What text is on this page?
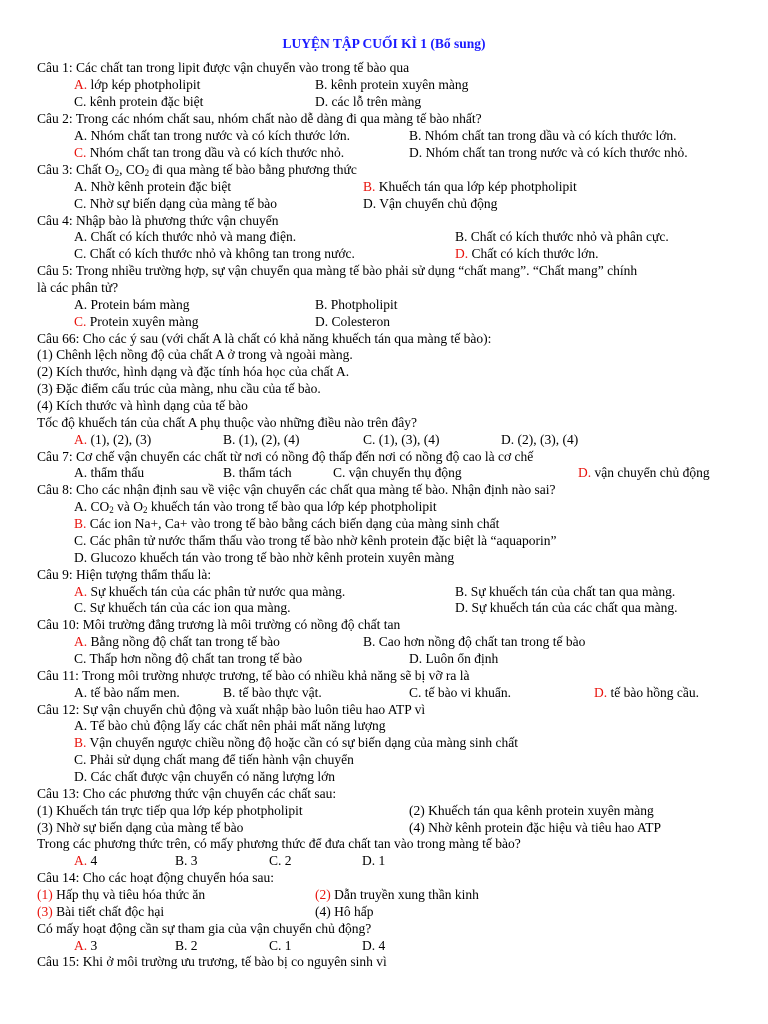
LUYỆN TẬP CUỐI KÌ 1 (Bổ sung)
Câu 1: Các chất tan trong lipit được vận chuyển vào trong tế bào qua
A. lớp kép photpholipit	B. kênh protein xuyên màng
C. kênh protein đặc biệt	D. các lỗ trên màng
Câu 2: Trong các nhóm chất sau, nhóm chất nào dễ dàng đi qua màng tế bào nhất?
A. Nhóm chất tan trong nước và có kích thước lớn.	B. Nhóm chất tan trong dầu và có kích thước lớn.
C. Nhóm chất tan trong dầu và có kích thước nhỏ.	D. Nhóm chất tan trong nước và có kích thước nhỏ.
Câu 3: Chất $O_2$, $CO_2$ đi qua màng tế bào bằng phương thức
A. Nhờ kênh protein đặc biệt	B. Khuếch tán qua lớp kép photpholipit
C. Nhờ sự biến dạng của màng tế bào	D. Vận chuyển chủ động
Câu 4: Nhập bào là phương thức vận chuyển
A. Chất có kích thước nhỏ và mang điện.	B. Chất có kích thước nhỏ và phân cực.
C. Chất có kích thước nhỏ và không tan trong nước.	D. Chất có kích thước lớn.
Câu 5: Trong nhiều trường hợp, sự vận chuyển qua màng tế bào phải sử dụng “chất mang”. “Chất mang” chính
là các phân tử?
A. Protein bám màng	B. Photpholipit
C. Protein xuyên màng	D. Colesteron
Câu 66: Cho các ý sau (với chất A là chất có khả năng khuếch tán qua màng tế bào):
(1) Chênh lệch nồng độ của chất A ở trong và ngoài màng.
(2) Kích thước, hình dạng và đặc tính hóa học của chất A.
(3) Đặc điểm cấu trúc của màng, nhu cầu của tế bào.
(4) Kích thước và hình dạng của tế bào
Tốc độ khuếch tán của chất A phụ thuộc vào những điều nào trên đây?
A. (1), (2), (3)	B. (1), (2), (4)	C. (1), (3), (4)	D. (2), (3), (4)
Câu 7: Cơ chế vận chuyển các chất từ nơi có nồng độ thấp đến nơi có nồng độ cao là cơ chế
A. thẩm thấu	B. thẩm tách	C. vận chuyển thụ động	D. vận chuyển chủ động
Câu 8: Cho các nhận định sau về việc vận chuyển các chất qua màng tế bào. Nhận định nào sai?
A. $CO_2$ và $O_2$ khuếch tán vào trong tế bào qua lớp kép photpholipit
B. Các ion Na+, Ca+ vào trong tế bào bằng cách biến dạng của màng sinh chất
C. Các phân tử nước thẩm thấu vào trong tế bào nhờ kênh protein đặc biệt là “aquaporin”
D. Glucozo khuếch tán vào trong tế bào nhờ kênh protein xuyên màng
Câu 9: Hiện tượng thẩm thấu là:
A. Sự khuếch tán của các phân tử nước qua màng.	B. Sự khuếch tán của chất tan qua màng.
C. Sự khuếch tán của các ion qua màng.	D. Sự khuếch tán của các chất qua màng.
Câu 10: Môi trường đẳng trương là môi trường có nồng độ chất tan
A. Bằng nồng độ chất tan trong tế bào	B. Cao hơn nồng độ chất tan trong tế bào
C. Thấp hơn nồng độ chất tan trong tế bào	D. Luôn ổn định
Câu 11: Trong môi trường nhược trương, tế bào có nhiều khả năng sẽ bị vỡ ra là
A. tế bào nấm men.	B. tế bào thực vật.	C. tế bào vi khuẩn.	D. tế bào hồng cầu.
Câu 12: Sự vận chuyển chủ động và xuất nhập bào luôn tiêu hao ATP vì
A. Tế bào chủ động lấy các chất nên phải mất năng lượng
B. Vận chuyển ngược chiều nồng độ hoặc cần có sự biến dạng của màng sinh chất
C. Phải sử dụng chất mang để tiến hành vận chuyển
D. Các chất được vận chuyển có năng lượng lớn
Câu 13: Cho các phương thức vận chuyển các chất sau:
(1) Khuếch tán trực tiếp qua lớp kép photpholipit	(2) Khuếch tán qua kênh protein xuyên màng
(3) Nhờ sự biến dạng của màng tế bào	(4) Nhờ kênh protein đặc hiệu và tiêu hao ATP
Trong các phương thức trên, có mấy phương thức để đưa chất tan vào trong màng tế bào?
A. 4	B. 3	C. 2	D. 1
Câu 14: Cho các hoạt động chuyển hóa sau:
(1) Hấp thụ và tiêu hóa thức ăn	(2) Dẫn truyền xung thần kinh
(3) Bài tiết chất độc hại	(4) Hô hấp
Có mấy hoạt động cần sự tham gia của vận chuyển chủ động?
A. 3	B. 2	C. 1	D. 4
Câu 15: Khi ở môi trường ưu trương, tế bào bị co nguyên sinh vì
